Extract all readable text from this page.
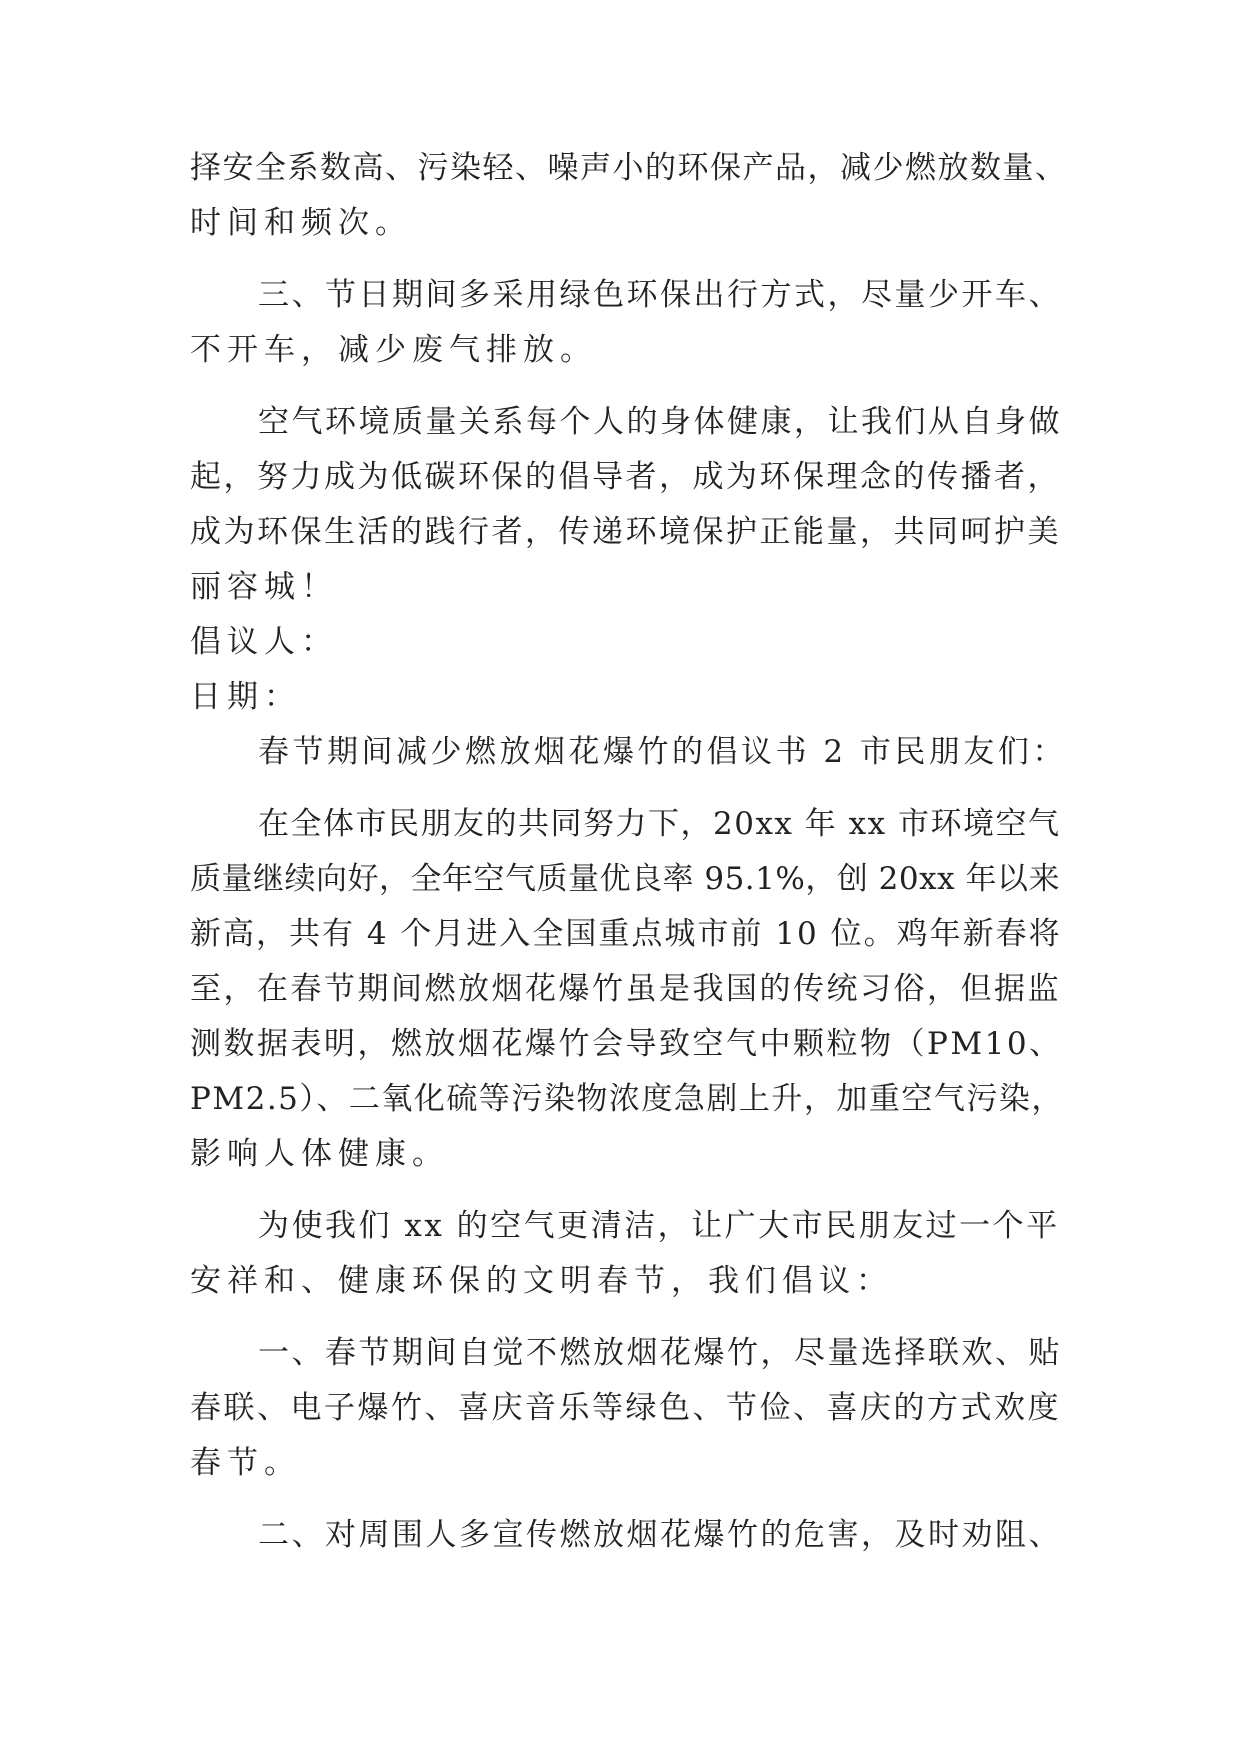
择安全系数高、污染轻、噪声小的环保产品，减少燃放数量、
时间和频次。
三、节日期间多采用绿色环保出行方式，尽量少开车、
不开车，减少废气排放。
空气环境质量关系每个人的身体健康，让我们从自身做
起，努力成为低碳环保的倡导者，成为环保理念的传播者，
成为环保生活的践行者，传递环境保护正能量，共同呵护美
丽容城！
倡议人：
日期：
春节期间减少燃放烟花爆竹的倡议书 2 市民朋友们：
在全体市民朋友的共同努力下，20xx 年 xx 市环境空气
质量继续向好，全年空气质量优良率 95.1%，创 20xx 年以来
新高，共有 4 个月进入全国重点城市前 10 位。鸡年新春将
至，在春节期间燃放烟花爆竹虽是我国的传统习俗，但据监
测数据表明，燃放烟花爆竹会导致空气中颗粒物（PM10、
PM2.5）、二氧化硫等污染物浓度急剧上升，加重空气污染，
影响人体健康。
为使我们 xx 的空气更清洁，让广大市民朋友过一个平
安祥和、健康环保的文明春节，我们倡议：
一、春节期间自觉不燃放烟花爆竹，尽量选择联欢、贴
春联、电子爆竹、喜庆音乐等绿色、节俭、喜庆的方式欢度
春节。
二、对周围人多宣传燃放烟花爆竹的危害，及时劝阻、
